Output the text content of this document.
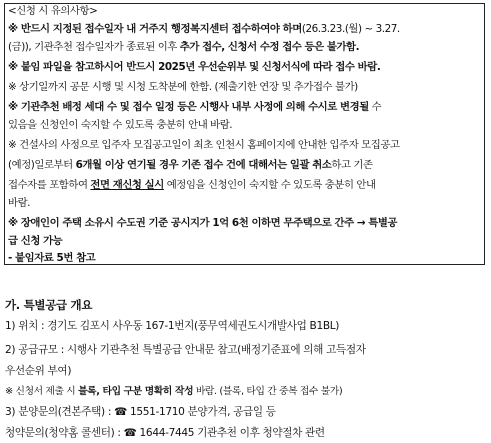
<신청 시 유의사항>
※ 반드시 지정된 접수일자 내 거주지 행정복지센터 접수하여야 하며(26.3.23.(월) ~ 3.27.
(금)), 기관추천 접수일자가 종료된 이후 추가 접수, 신청서 수정 접수 등은 불가함.
※ 붙임 파일을 참고하시어 반드시 2025년 우선순위부 및 신청서식에 따라 접수 바람.
※ 상기일까지 공문 시행 및 시청 도착분에 한함. (제출기한 연장 및 추가접수 불가)
※ 기관추천 배정 세대 수 및 접수 일정 등은 시행사 내부 사정에 의해 수시로 변경될 수
있음을 신청인이 숙지할 수 있도록 충분히 안내 바람.
※ 건설사의 사정으로 입주자 모집공고일이 최초 인천시 홈페이지에 안내한 입주자 모집공고
(예정)일로부터 6개월 이상 연기될 경우 기존 접수 건에 대해서는 일괄 취소하고 기존
접수자를 포함하여 전면 재신청 실시 예정임을 신청인이 숙지할 수 있도록 충분히 안내
바람.
※ 장애인이 주택 소유시 수도권 기준 공시지가 1억 6천 이하면 무주택으로 간주 → 특별공
급 신청 가능
- 붙임자료 5번 참고
가. 특별공급 개요
1) 위치 : 경기도 김포시 사우동 167-1번지(풍무역세권도시개발사업 B1BL)
2) 공급규모 : 시행사 기관추천 특별공급 안내문 참고(배정기준표에 의해 고득점자
우선순위 부여)
※ 신청서 제출 시 블록, 타입 구분 명확히 작성 바람. (블록, 타입 간 중복 접수 불가)
3) 분양문의(견본주택) : ☎ 1551-1710 분양가격, 공급일 등
청약문의(청약홈 콜센터) : ☎ 1644-7445 기관추천 이후 청약절차 관련
